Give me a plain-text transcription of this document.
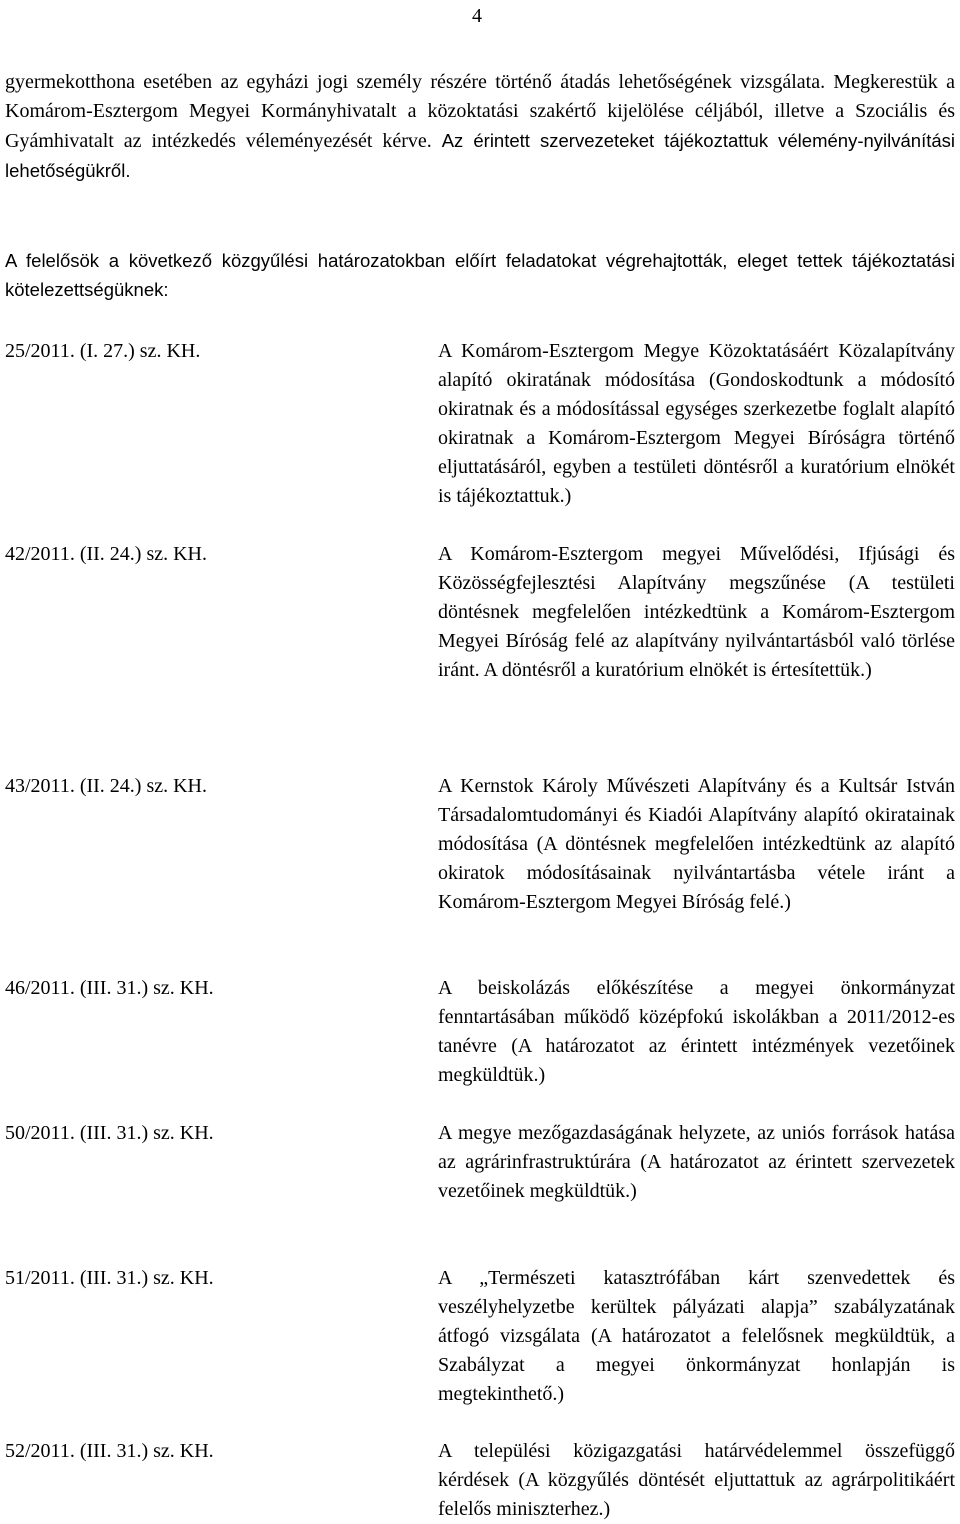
4

gyermekotthona esetében az egyházi jogi személy részére történő átadás lehetőségének vizsgálata. Megkerestük a Komárom-Esztergom Megyei Kormányhivatalt a közoktatási szakértő kijelölése céljából, illetve a Szociális és Gyámhivatalt az intézkedés véleményezését kérve. Az érintett szervezeteket tájékoztattuk vélemény-nyilvánítási lehetőségükről.

A felelősök a következő közgyűlési határozatokban előírt feladatokat végrehajtották, eleget tettek tájékoztatási kötelezettségüknek:

25/2011. (I. 27.) sz. KH.	A Komárom-Esztergom Megye Közoktatásáért Közalapítvány alapító okiratának módosítása (Gondoskodtunk a módosító okiratnak és a módosítással egységes szerkezetbe foglalt alapító okiratnak a Komárom-Esztergom Megyei Bíróságra történő eljuttatásáról, egyben a testületi döntésről a kuratórium elnökét is tájékoztattuk.)

42/2011. (II. 24.) sz. KH.	A Komárom-Esztergom megyei Művelődési, Ifjúsági és Közösségfejlesztési Alapítvány megszűnése (A testületi döntésnek megfelelően intézkedtünk a Komárom-Esztergom Megyei Bíróság felé az alapítvány nyilvántartásból való törlése iránt. A döntésről a kuratórium elnökét is értesítettük.)

43/2011. (II. 24.) sz. KH.	A Kernstok Károly Művészeti Alapítvány és a Kultsár István Társadalomtudományi és Kiadói Alapítvány alapító okiratainak módosítása (A döntésnek megfelelően intézkedtünk az alapító okiratok módosításainak nyilvántartásba vétele iránt a Komárom-Esztergom Megyei Bíróság felé.)

46/2011. (III. 31.) sz. KH.	A beiskolázás előkészítése a megyei önkormányzat fenntartásában működő középfokú iskolákban a 2011/2012-es tanévre (A határozatot az érintett intézmények vezetőinek megküldtük.)

50/2011. (III. 31.) sz. KH.	A megye mezőgazdaságának helyzete, az uniós források hatása az agrárinfrastruktúrára (A határozatot az érintett szervezetek vezetőinek megküldtük.)

51/2011. (III. 31.) sz. KH.	A „Természeti katasztrófában kárt szenvedettek és veszélyhelyzetbe kerültek pályázati alapja” szabályzatának átfogó vizsgálata (A határozatot a felelősnek megküldtük, a Szabályzat a megyei önkormányzat honlapján is megtekinthető.)

52/2011. (III. 31.) sz. KH.	A települési közigazgatási határvédelemmel összefüggő kérdések (A közgyűlés döntését eljuttattuk az agrárpolitikáért felelős miniszterhez.)
